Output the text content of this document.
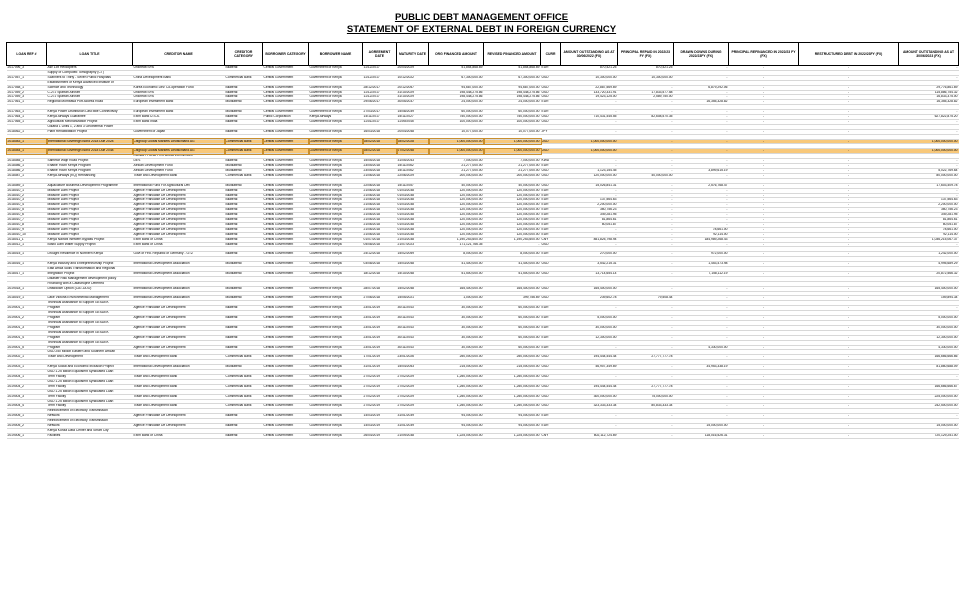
PUBLIC DEBT MANAGEMENT OFFICE
STATEMENT OF EXTERNAL DEBT IN FOREIGN CURRENCY
LOAN REF #	LOAN TITLE	CREDITOR NAME	CREDITOR CATEGORY	BORROWER CATEGORY	BORROWER NAME	AGREEMENT DATE	MATURITY DATE	ORG FINANCED AMOUNT	REVISED FINANCED AMOUNT	CURR	AMOUNT OUTSTANDING AS AT 30/06/2022 (FX)	PRINCIPAL REPAID IN 2022/23 FY (FX)	DRAWN DOWNS DURING 2022/23FY (FX)	PRINCIPAL REFINANCED IN 2022/23 FY (FX)	RESTRUCTURED DEBT IN 2022/23FY (FX)	AMOUNT OUTSTANDING AS AT 30/06/2023 (FX)
2017096_3	AW 139 Helicopters	Unicredit SPA	Bilateral	Central Government	Government of Kenya	11/12/2017	20/04/2029	51,854,868.69	51,854,868.69	EUR	870,421.25	870,421.25	-	-	-	-
	Supply of Computed Tomography (CT)															
2017057_1	Scanners to Thirty - Seven Public Hospitals	China Development Bank	Commercial Bank	Central Government	Government of Kenya	11/12/2017	10/12/2022	67,300,000.00	67,300,000.00	USD	10,300,000.00	10,300,000.00	-	-	-	-
	Establishment of Kenya Advanced Institute of															
2017058_1	Science and Technology	Korea Economic Dev. Co-operation Fund	Bilateral	Central Government	Government of Kenya	28/12/2017	20/12/2057	94,687,000.00	94,687,000.00	USD	22,887,569.69	-	6,879,292.06	-	-	29,776,861.69
2017059_2	C-27J Spartan Aircraft	Unicredit SPA	Bilateral	Central Government	Government of Kenya	11/12/2017	31/10/2029	198,448,275.86	198,448,275.86	USD	133,720,331.91	17,833,577.58	-	-	-	115,886,754.32
2017059_3	C-27J Spartan Aircraft	Unicredit SPA	Bilateral	Central Government	Government of Kenya	11/12/2017	31/10/2029	198,448,275.86	198,448,275.86	USD	19,423,125.00	2,589,750.00	-	-	-	16,833,375.00
2017061_1	Regional Mombasa Port Access Road	European Investment Bank	Multilateral	Central Government	Government of Kenya	29/06/2017	30/05/2037	24,000,000.00	24,000,000.00	EUR	-	-	16,355,328.82	-	-	16,355,328.82

2017063_1	Kenya Power Distribution Last Mile Connectivity	European Investment Bank	Multilateral	Central Government	Government of Kenya	27/03/2017	15/08/2039	60,000,000.00	60,000,000.00	EUR	-	-	-	-	-	-
2017064_1	Kenya Airways Guarantee	Exim Bank U.S.A.	Bilateral	Public Corporation	Kenya Airways	14/11/2017	15/11/2027	750,000,000.00	750,000,000.00	USD	710,431,445.55	82,608,570.35	-	-	-	627,822,875.20
2017065_1	Agricultural Mechanization Project	Exim Bank India	Bilateral	Central Government	Government of Kenya	11/01/2017	11/09/2045	100,000,000.00	100,000,000.00	USD	-	-	-	-	-	-
	Olkaria 1 Units 1, 2 and 3 Geothermal Power															
2018062_1	Plant Rehabilitation Project	Government of Japan	Bilateral	Central Government	Government of Kenya	16/03/2018	20/04/2048	10,077,000.00	10,077,000.00	JPY	-	-	-	-	-	-

2018083_1	International Sovereign Bond 2018 Due 2028	Citigroup Global Markets Deutschland AG	Commercial Bank	Central Government	Government of Kenya	28/02/2018	28/02/2028	1,000,000,000.00	1,000,000,000.00	USD	1,000,000,000.00	-	-	-	-	1,000,000,000.00

2018084_1	International Sovereign Bond 2018 Due 2048	Citigroup Global Markets Deutschland AG	Commercial Bank	Central Government	Government of Kenya	28/02/2018	27/02/2048	1,000,000,000.00	1,000,000,000.00	USD	1,000,000,000.00	-	-	-	-	1,000,000,000.00
		KUWAIT FUND FOR ARAB ECONOMIC														
2018085_1	Sametar Wajir Road Project	DEV.	Bilateral	Central Government	Government of Kenya	15/05/2018	31/05/2043	7,000,000.00	7,000,000.00	KWD	-	-	-	-	-	-
2018086_1	Enable Youth Kenya Program	African Development Fund	Multilateral	Central Government	Government of Kenya	23/05/2018	15/11/2062	21,277,000.00	21,277,000.00	EUR	-	-	-	-	-	-
2018086_2	Enable Youth Kenya Program	African Development Fund	Multilateral	Central Government	Government of Kenya	23/05/2018	15/11/2062	21,277,000.00	21,277,000.00	USD	1,123,154.45	-	3,899,615.19	-	-	5,022,769.64
2018087_1	Kenya Airways (KQ) Refinancing	Trade and Development Bank	Commercial Bank	Central Government	Government of Kenya	21/06/2018	22/06/2029	200,000,000.00	200,000,000.00	USD	120,000,000.00	40,000,000.00	-	-	-	80,000,000.00

2018089_1	Aquaculture Business Development Programme	International Fund For Agricultural Dev	Multilateral	Central Government	Government of Kenya	22/06/2018	15/11/2057	40,000,000.00	40,000,000.00	USD	15,026,841.31	-	2,576,768.47	-	-	17,603,409.78
2018010_1	Mwache Dam Project	Agence Francaise De Development	Bilateral	Central Government	Government of Kenya	21/06/2018	01/03/2038	120,000,000.00	120,000,000.00	EUR	-	-	-	-	-	-
2018010_2	Mwache Dam Project	Agence Francaise De Development	Bilateral	Central Government	Government of Kenya	21/06/2018	01/03/2038	120,000,000.00	120,000,000.00	EUR	-	-	-	-	-	-
2018010_3	Mwache Dam Project	Agence Francaise De Development	Bilateral	Central Government	Government of Kenya	21/06/2018	01/03/2038	120,000,000.00	120,000,000.00	EUR	137,564.63	-	-	-	-	137,564.63
2018010_4	Mwache Dam Project	Agence Francaise De Development	Bilateral	Central Government	Government of Kenya	21/06/2018	01/03/2038	120,000,000.00	120,000,000.00	EUR	2,200,000.00	-	-	-	-	2,200,000.00
2018010_5	Mwache Dam Project	Agence Francaise De Development	Bilateral	Central Government	Government of Kenya	21/06/2018	01/03/2038	120,000,000.00	120,000,000.00	EUR	360,756.23	-	-	-	-	360,756.23
2018010_6	Mwache Dam Project	Agence Francaise De Development	Bilateral	Central Government	Government of Kenya	21/06/2018	01/03/2038	120,000,000.00	120,000,000.00	EUR	349,281.95	-	-	-	-	349,281.95
2018010_7	Mwache Dam Project	Agence Francaise De Development	Bilateral	Central Government	Government of Kenya	21/06/2018	01/03/2038	120,000,000.00	120,000,000.00	EUR	81,864.61	-	-	-	-	81,864.61
2018010_8	Mwache Dam Project	Agence Francaise De Development	Bilateral	Central Government	Government of Kenya	21/06/2018	01/03/2038	120,000,000.00	120,000,000.00	EUR	60,051.87	-	-	-	-	60,051.87
2018010_9	Mwache Dam Project	Agence Francaise De Development	Bilateral	Central Government	Government of Kenya	21/06/2018	01/03/2038	120,000,000.00	120,000,000.00	EUR	-	-	78,661.00	-	-	78,661.00
2018010_10	Mwache Dam Project	Agence Francaise De Development	Bilateral	Central Government	Government of Kenya	21/06/2018	01/03/2038	120,000,000.00	120,000,000.00	EUR	-	-	92,114.00	-	-	92,114.00
2018011_1	Kenya Nairobi Western Bypass Project	Exim Bank of China	Bilateral	Central Government	Government of Kenya	01/07/2018	21/03/2038	1,190,253,600.00	1,190,253,600.00	CNY	851,825,798.94	-	184,989,268.43	-	-	1,036,215,067.37
2018012_1	Bosto Dam Water Supply Project	Exim Bank of China	Bilateral	Central Government	Government of Kenya	04/08/2018	21/07/2023	171,121,766.35	-	USD	-	-	-	-	-	-

2018015_1	Drought Resilience in Northern Kenya	Govt of Fed. Republic of Germany - GTZ	Bilateral	Central Government	Government of Kenya	24/12/2018	15/02/2059	8,000,000.00	8,000,000.00	EUR	270,000.00	-	972,000.00	-	-	1,242,000.00

2018016_1	Kenya Industry and Entrepreneurship Project	International Development Association	Multilateral	Central Government	Government of Kenya	03/08/2018	15/03/2048	41,400,000.00	41,400,000.00	USD	3,542,215.31	-	1,453,473.98	-	-	4,995,689.29
	East Africa Skills Transformation and Regional															
2018017_1	Integration Project	International Development Association	Multilateral	Central Government	Government of Kenya	18/12/2018	15/10/2048	51,500,000.00	51,500,000.00	USD	13,714,654.14	-	7,158,112.19	-	-	20,872,566.32
	Disaster Risk Management development policy															
	Financing with a Catastrophe Deferred															
2019018_1	Drawdown Option (CAT-DDO)	International Development Association	Multilateral	Central Government	Government of Kenya	28/07/2018	15/02/2048	165,400,000.00	165,400,000.00	USD	165,400,000.00	-	-	-	-	165,400,000.00

2018019_1	Lake Victoria Environmental Management	International Development Association	Multilateral	Central Government	Government of Kenya	27/06/2018	15/05/2021	1,000,000.00	399,756.69	USD	239,602.78	79,508.44	-	-	-	159,894.34
	Technical Assistance to Support GESDEK															
2019001_1	Program	Agence Francaise De Development	Bilateral	Central Government	Government of Kenya	23/01/2019	30/11/2043	30,000,000.00	60,000,000.00	EUR	-	-	-	-	-	-
	Technical Assistance to Support GESDEK															
2019001_2	Program	Agence Francaise De Development	Bilateral	Central Government	Government of Kenya	23/01/2019	30/11/2043	30,000,000.00	60,000,000.00	EUR	5,000,000.00	-	-	-	-	5,000,000.00
	Technical Assistance to Support GESDEK															
2019001_3	Program	Agence Francaise De Development	Bilateral	Central Government	Government of Kenya	23/01/2019	30/11/2043	30,000,000.00	60,000,000.00	EUR	30,000,000.00	-	-	-	-	30,000,000.00
	Technical Assistance to Support GESDEK															
2019001_4	Program	Agence Francaise De Development	Bilateral	Central Government	Government of Kenya	23/01/2019	30/11/2043	30,000,000.00	60,000,000.00	EUR	12,300,000.00	-	-	-	-	12,300,000.00
	Technical Assistance to Support GESDEK															
2019001_5	Program	Agence Francaise De Development	Bilateral	Central Government	Government of Kenya	23/01/2019	30/11/2043	30,000,000.00	60,000,000.00	EUR	-	-	4,330,000.00	-	-	4,330,000.00
	USD 250 Million Eastern and Southern African															
2019002_1	Trade and Development	Trade and Development Bank	Commercial Bank	Central Government	Government of Kenya	17/01/2019	23/01/2026	250,000,000.00	250,000,000.00	USD	194,444,444.44	27,777,777.78	-	-	-	166,666,666.66

2019003_1	Kenya Social and Economic Inclusion Project	International Development Association	Multilateral	Central Government	Government of Kenya	31/01/2019	15/04/2053	215,000,000.00	215,000,000.00	USD	46,907,349.69	-	34,953,338.19	-	-	81,860,688.09
	USD 1.25 Billion Equivalent Syndicated Loan															
2019004_1	Term Facility	Trade and Development Bank	Commercial Bank	Central Government	Government of Kenya	27/02/2019	27/02/2029	1,250,000,000.00	1,250,000,000.00	USD	-	-	-	-	-	-
	USD 1.25 Billion Equivalent Syndicated Loan															
2019004_2	Term Facility	Trade and Development Bank	Commercial Bank	Central Government	Government of Kenya	27/02/2019	27/02/2029	1,250,000,000.00	1,250,000,000.00	USD	194,444,444.44	27,777,777.78	-	-	-	166,666,666.67
	USD 1.25 Billion Equivalent Syndicated Loan															
2019004_3	Term Facility	Trade and Development Bank	Commercial Bank	Central Government	Government of Kenya	27/02/2019	27/02/2029	1,250,000,000.00	1,250,000,000.00	USD	300,000,000.00	75,000,000.00	-	-	-	225,000,000.00
	USD 1.25 Billion Equivalent Syndicated Loan															
2019004_4	Term Facility	Trade and Development Bank	Commercial Bank	Central Government	Government of Kenya	27/02/2019	27/02/2029	1,250,000,000.00	1,250,000,000.00	USD	323,333,333.34	80,833,333.34	-	-	-	242,500,000.00
	Reinforcement of Electricity Transmission															
2019005_1	Network	Agence Francaise De Development	Bilateral	Central Government	Government of Kenya	14/03/2019	31/01/2039	94,000,000.00	94,000,000.00	EUR	-	-	-	-	-	-
	Reinforcement of Electricity Transmission															
2019005_2	Network	Agence Francaise De Development	Bilateral	Central Government	Government of Kenya	14/03/2019	31/01/2039	94,000,000.00	94,000,000.00	EUR	-	-	15,000,000.00	-	-	15,000,000.00
	Kenya Konza Data Center and Smart City															
2019006_1	Facilities	Exim Bank of China	Bilateral	Central Government	Government of Kenya	26/04/2019	21/09/2038	1,225,000,000.00	1,225,000,000.00	CNY	602,112,724.69	-	118,016,526.31	-	-	720,129,251.00
